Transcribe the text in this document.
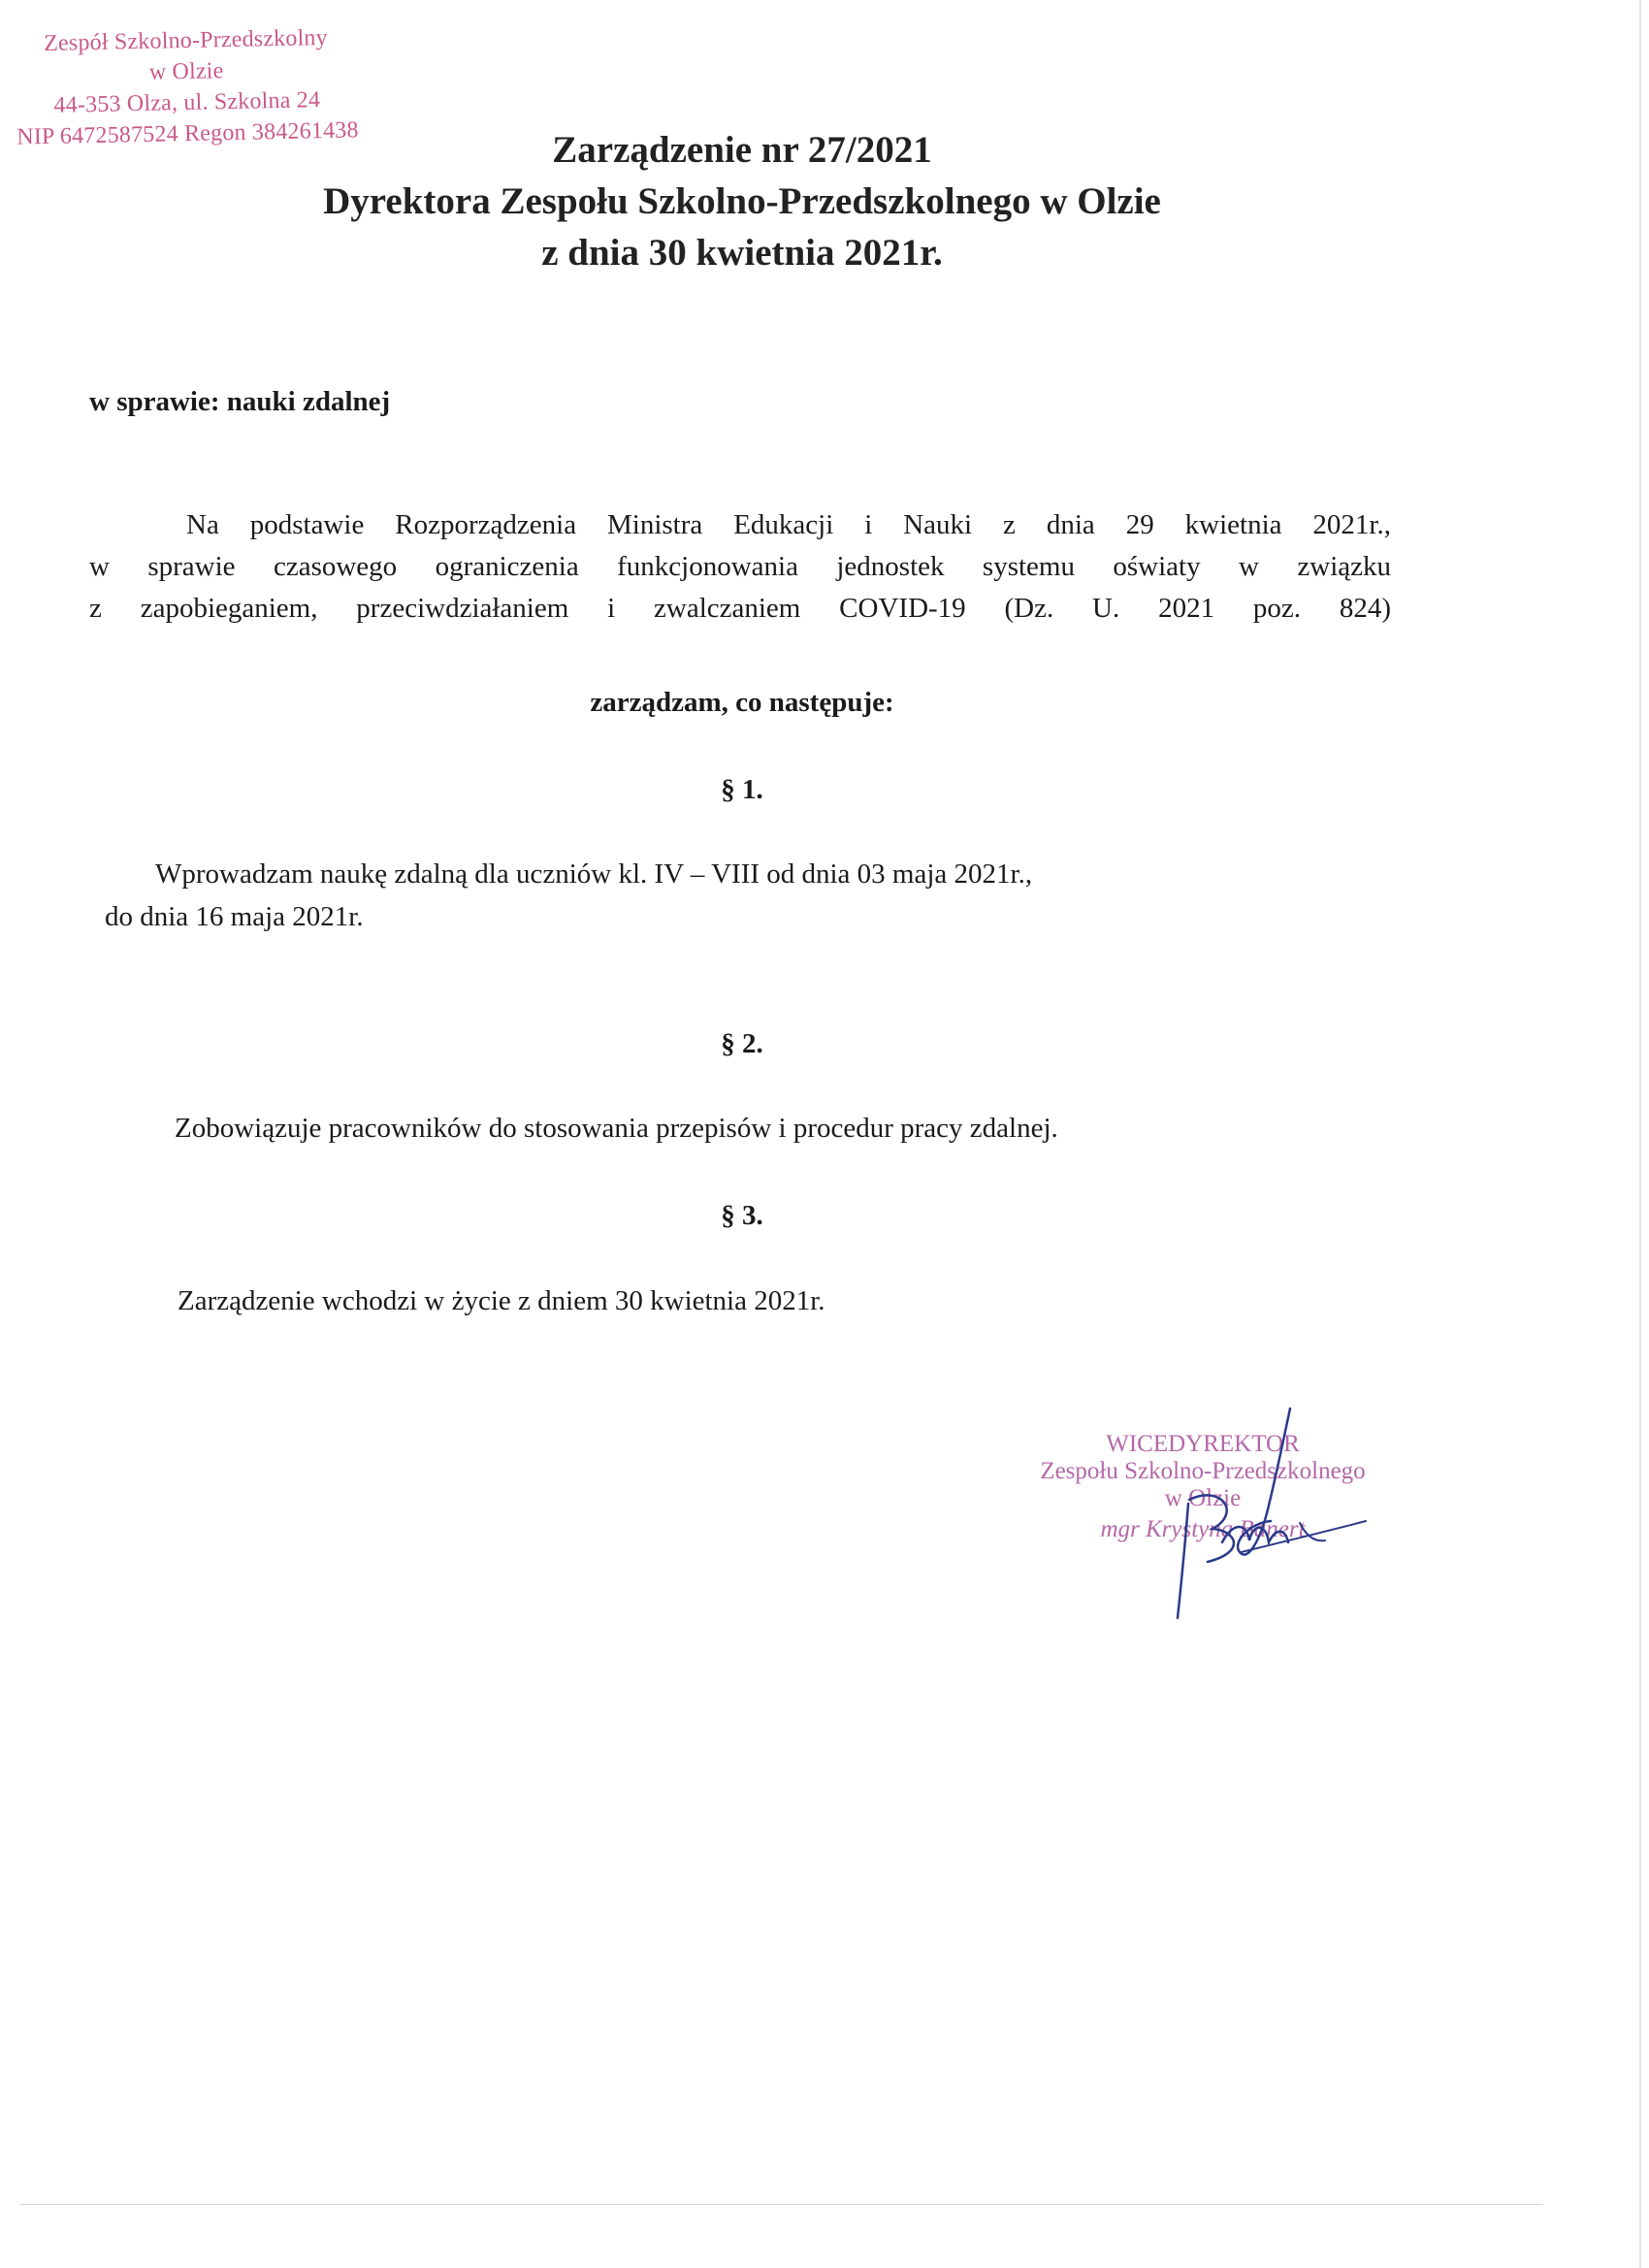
Zespół Szkolno-Przedszkolny
w Olzie
44-353 Olza, ul. Szkolna 24
NIP 6472587524 Regon 384261438	Zarządzenie nr 27/2021
Dyrektora Zespołu Szkolno-Przedszkolnego w Olzie
z dnia 30 kwietnia 2021r.
w sprawie: nauki zdalnej
Na podstawie Rozporządzenia Ministra Edukacji i Nauki z dnia 29 kwietnia 2021r.,
w sprawie czasowego ograniczenia funkcjonowania jednostek systemu oświaty w związku
z zapobieganiem, przeciwdziałaniem i zwalczaniem COVID-19 (Dz. U. 2021 poz. 824)
zarządzam, co następuje:
§ 1.
Wprowadzam naukę zdalną dla uczniów kl. IV – VIII od dnia 03 maja 2021r.,
do dnia 16 maja 2021r.
§ 2.
Zobowiązuje pracowników do stosowania przepisów i procedur pracy zdalnej.
§ 3.
Zarządzenie wchodzi w życie z dniem 30 kwietnia 2021r.
WICEDYREKTOR
Zespołu Szkolno-Przedszkolnego
w Olzie
mgr Krystyna Banert
